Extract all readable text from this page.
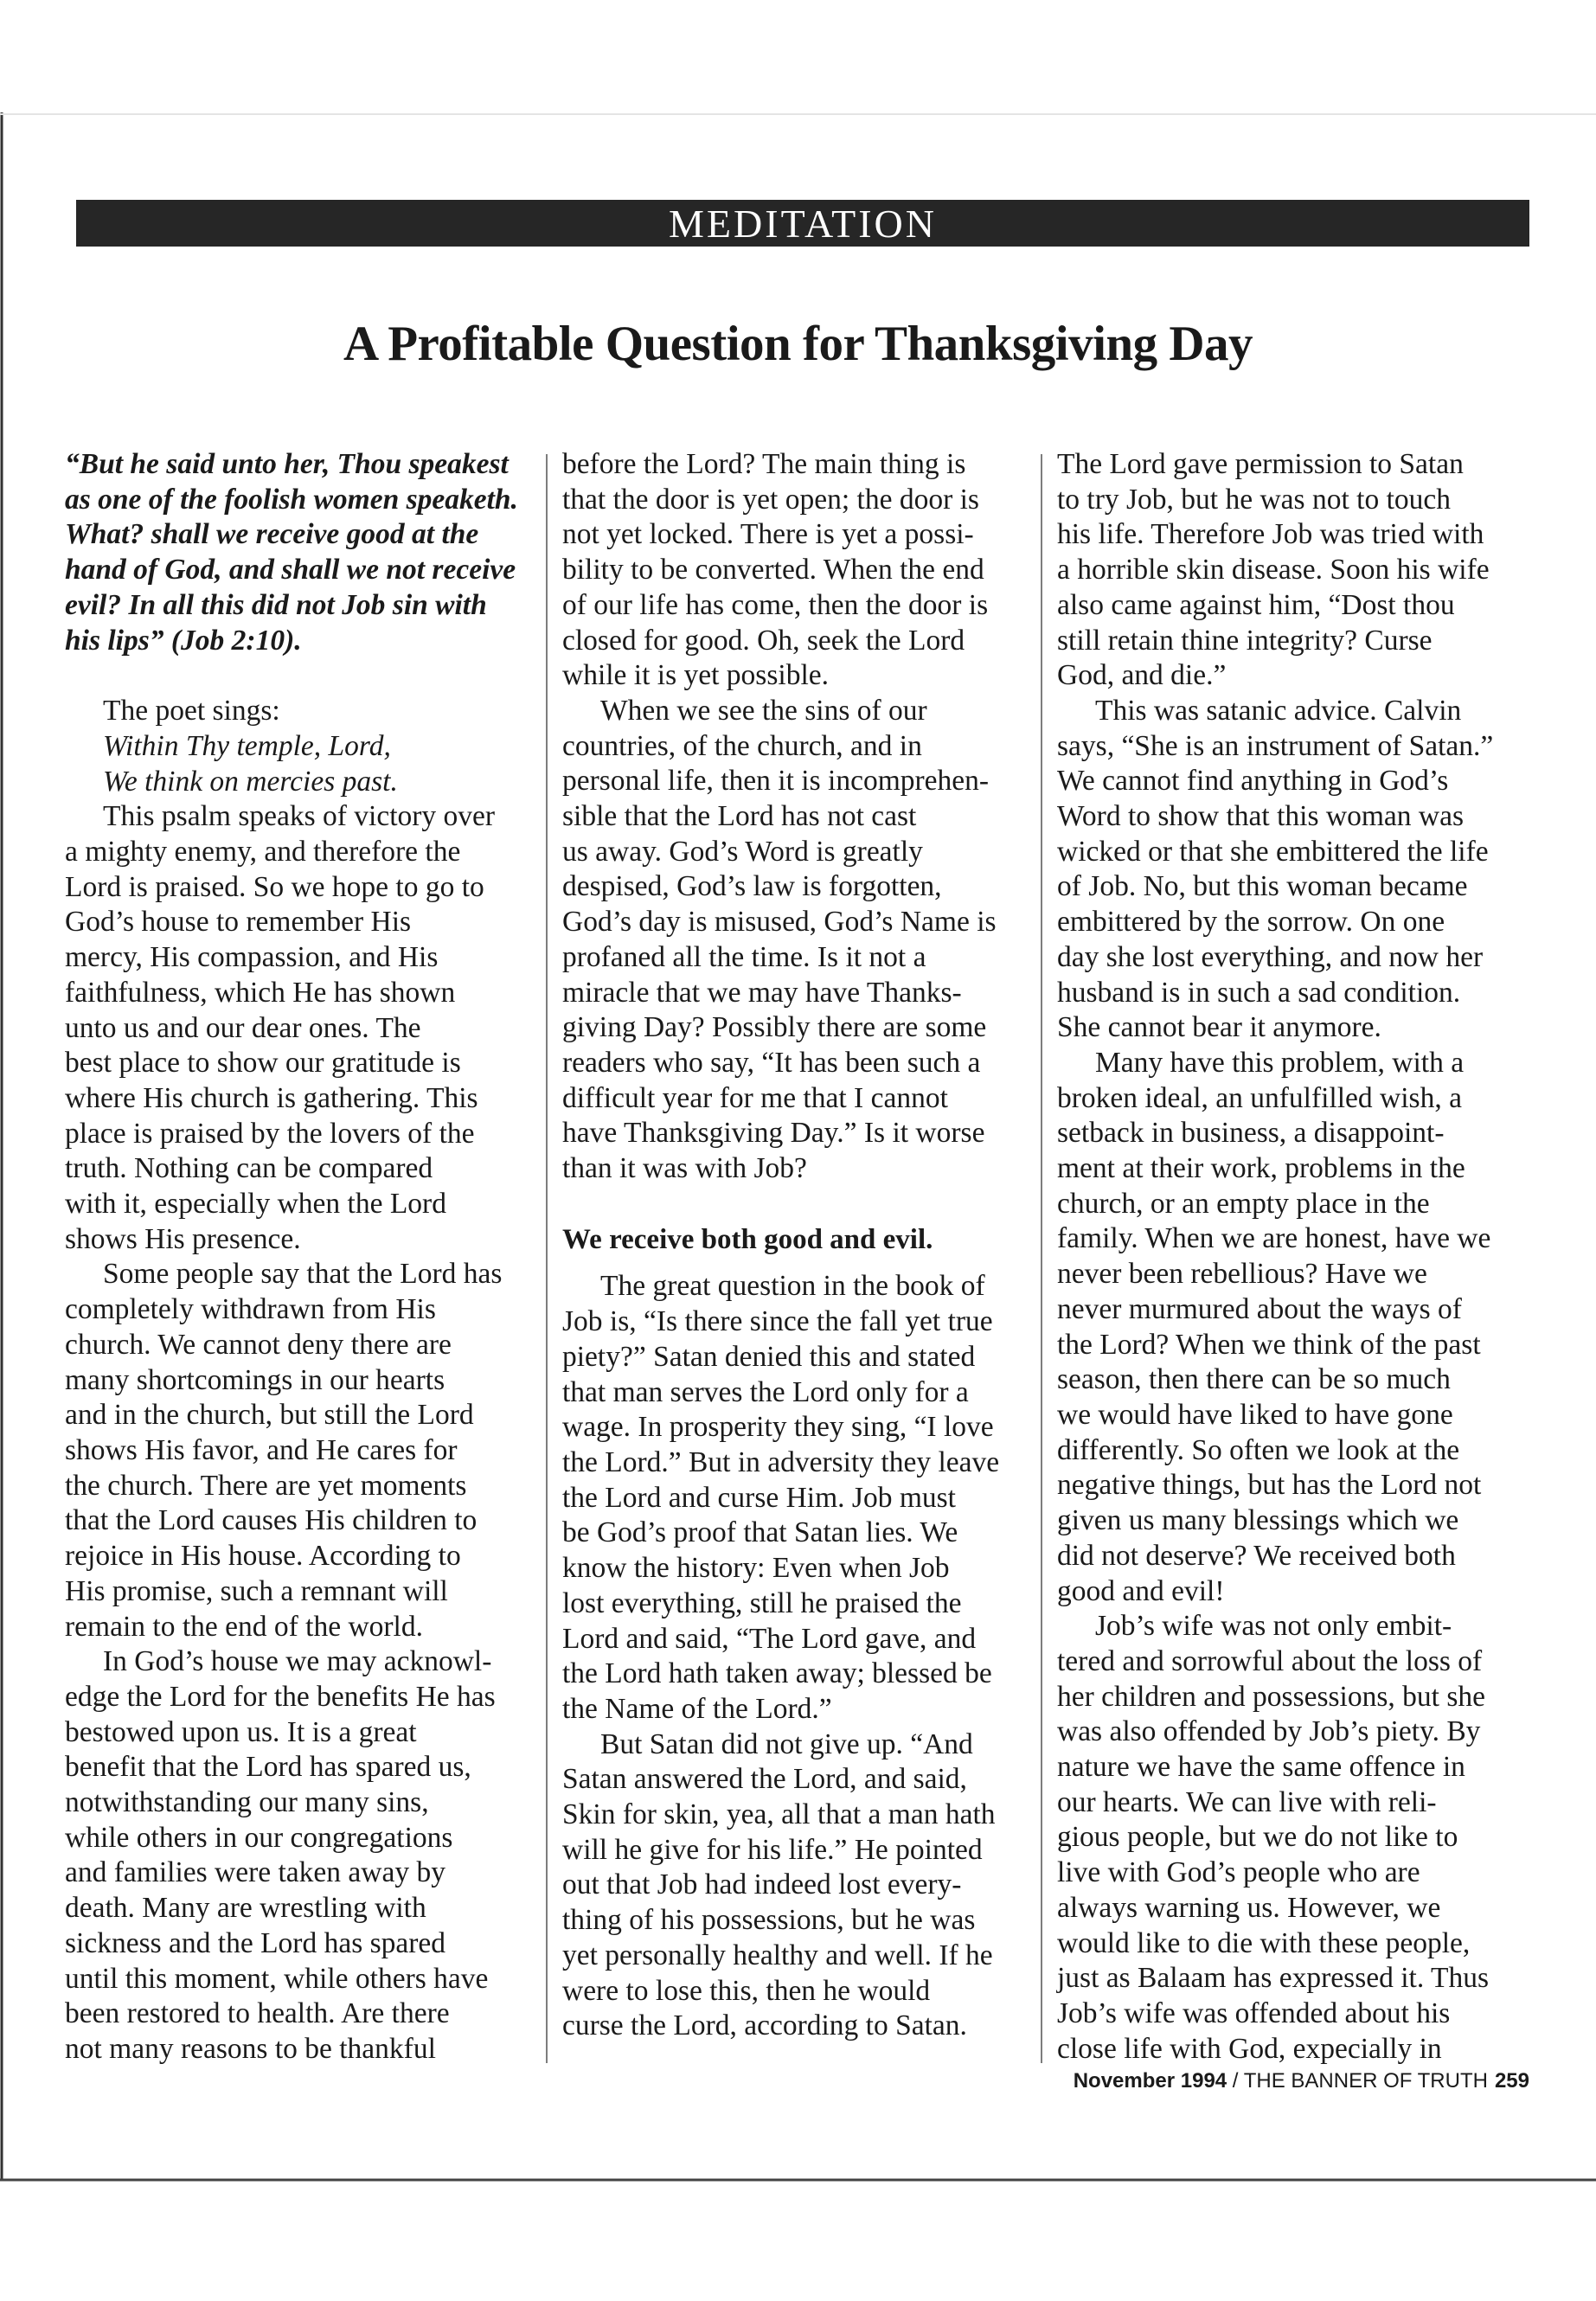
MEDITATION
A Profitable Question for Thanksgiving Day

“But he said unto her, Thou speakest

as one of the foolish women speaketh.

What? shall we receive good at the

hand of God, and shall we not receive

evil? In all this did not Job sin with

his lips” (Job 2:10).

The poet sings:

Within Thy temple, Lord,

We think on mercies past.

This psalm speaks of victory over

a mighty enemy, and therefore the

Lord is praised. So we hope to go to

God’s house to remember His

mercy, His compassion, and His

faithfulness, which He has shown

unto us and our dear ones. The

best place to show our gratitude is

where His church is gathering. This

place is praised by the lovers of the

truth. Nothing can be compared

with it, especially when the Lord

shows His presence.

Some people say that the Lord has

completely withdrawn from His

church. We cannot deny there are

many shortcomings in our hearts

and in the church, but still the Lord

shows His favor, and He cares for

the church. There are yet moments

that the Lord causes His children to

rejoice in His house. According to

His promise, such a remnant will

remain to the end of the world.

In God’s house we may acknowl-

edge the Lord for the benefits He has

bestowed upon us. It is a great

benefit that the Lord has spared us,

notwithstanding our many sins,

while others in our congregations

and families were taken away by

death. Many are wrestling with

sickness and the Lord has spared

until this moment, while others have

been restored to health. Are there

not many reasons to be thankful

before the Lord? The main thing is

that the door is yet open; the door is

not yet locked. There is yet a possi-

bility to be converted. When the end

of our life has come, then the door is

closed for good. Oh, seek the Lord

while it is yet possible.

When we see the sins of our

countries, of the church, and in

personal life, then it is incomprehen-

sible that the Lord has not cast

us away. God’s Word is greatly

despised, God’s law is forgotten,

God’s day is misused, God’s Name is

profaned all the time. Is it not a

miracle that we may have Thanks-

giving Day? Possibly there are some

readers who say, “It has been such a

difficult year for me that I cannot

have Thanksgiving Day.” Is it worse

than it was with Job?

We receive both good and evil.

The great question in the book of

Job is, “Is there since the fall yet true

piety?” Satan denied this and stated

that man serves the Lord only for a

wage. In prosperity they sing, “I love

the Lord.” But in adversity they leave

the Lord and curse Him. Job must

be God’s proof that Satan lies. We

know the history: Even when Job

lost everything, still he praised the

Lord and said, “The Lord gave, and

the Lord hath taken away; blessed be

the Name of the Lord.”

But Satan did not give up. “And

Satan answered the Lord, and said,

Skin for skin, yea, all that a man hath

will he give for his life.” He pointed

out that Job had indeed lost every-

thing of his possessions, but he was

yet personally healthy and well. If he

were to lose this, then he would

curse the Lord, according to Satan.

The Lord gave permission to Satan

to try Job, but he was not to touch

his life. Therefore Job was tried with

a horrible skin disease. Soon his wife

also came against him, “Dost thou

still retain thine integrity? Curse

God, and die.”

This was satanic advice. Calvin

says, “She is an instrument of Satan.”

We cannot find anything in God’s

Word to show that this woman was

wicked or that she embittered the life

of Job. No, but this woman became

embittered by the sorrow. On one

day she lost everything, and now her

husband is in such a sad condition.

She cannot bear it anymore.

Many have this problem, with a

broken ideal, an unfulfilled wish, a

setback in business, a disappoint-

ment at their work, problems in the

church, or an empty place in the

family. When we are honest, have we

never been rebellious? Have we

never murmured about the ways of

the Lord? When we think of the past

season, then there can be so much

we would have liked to have gone

differently. So often we look at the

negative things, but has the Lord not

given us many blessings which we

did not deserve? We received both

good and evil!

Job’s wife was not only embit-

tered and sorrowful about the loss of

her children and possessions, but she

was also offended by Job’s piety. By

nature we have the same offence in

our hearts. We can live with reli-

gious people, but we do not like to

live with God’s people who are

always warning us. However, we

would like to die with these people,

just as Balaam has expressed it. Thus

Job’s wife was offended about his

close life with God, expecially in

November 1994 / THE BANNER OF TRUTH 259
